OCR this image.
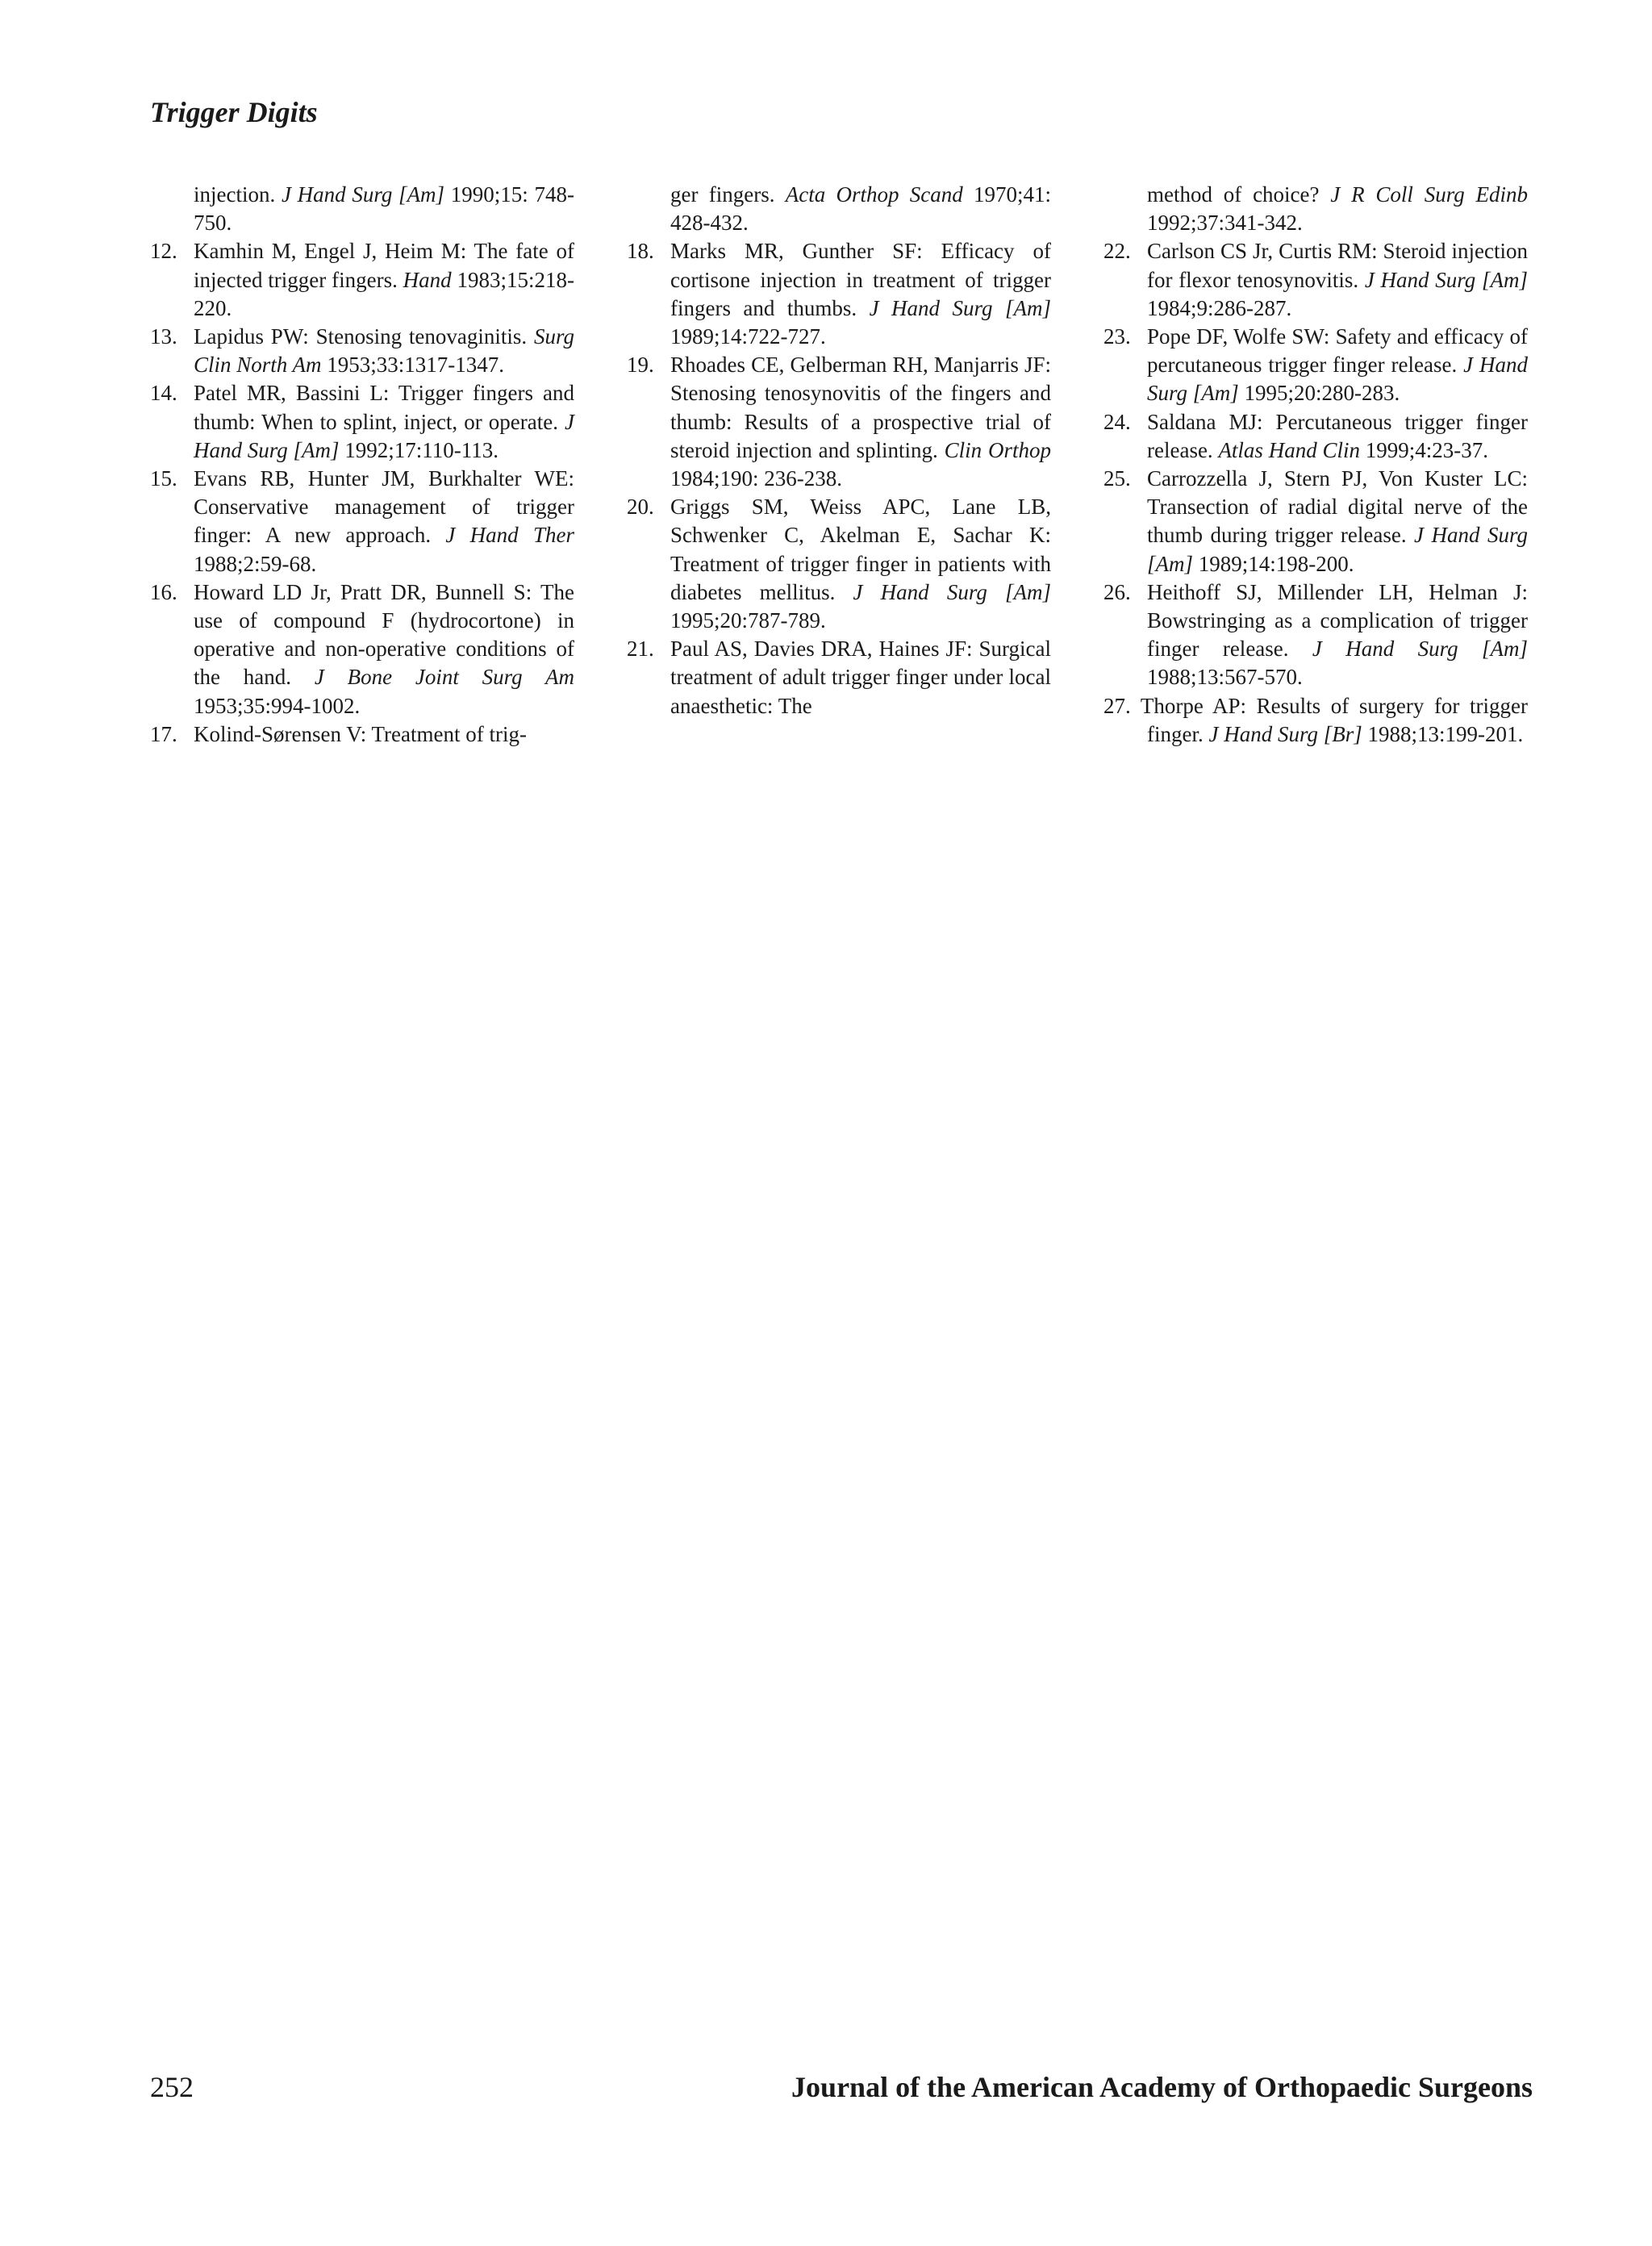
Trigger Digits
injection. J Hand Surg [Am] 1990;15: 748-750.
12. Kamhin M, Engel J, Heim M: The fate of injected trigger fingers. Hand 1983;15:218-220.
13. Lapidus PW: Stenosing tenovaginitis. Surg Clin North Am 1953;33:1317-1347.
14. Patel MR, Bassini L: Trigger fingers and thumb: When to splint, inject, or operate. J Hand Surg [Am] 1992;17:110-113.
15. Evans RB, Hunter JM, Burkhalter WE: Conservative management of trigger finger: A new approach. J Hand Ther 1988;2:59-68.
16. Howard LD Jr, Pratt DR, Bunnell S: The use of compound F (hydrocortone) in operative and non-operative conditions of the hand. J Bone Joint Surg Am 1953;35:994-1002.
17. Kolind-Sørensen V: Treatment of trig-
ger fingers. Acta Orthop Scand 1970;41: 428-432.
18. Marks MR, Gunther SF: Efficacy of cortisone injection in treatment of trigger fingers and thumbs. J Hand Surg [Am] 1989;14:722-727.
19. Rhoades CE, Gelberman RH, Manjarris JF: Stenosing tenosynovitis of the fingers and thumb: Results of a prospective trial of steroid injection and splinting. Clin Orthop 1984;190: 236-238.
20. Griggs SM, Weiss APC, Lane LB, Schwenker C, Akelman E, Sachar K: Treatment of trigger finger in patients with diabetes mellitus. J Hand Surg [Am] 1995;20:787-789.
21. Paul AS, Davies DRA, Haines JF: Surgical treatment of adult trigger finger under local anaesthetic: The
method of choice? J R Coll Surg Edinb 1992;37:341-342.
22. Carlson CS Jr, Curtis RM: Steroid injection for flexor tenosynovitis. J Hand Surg [Am] 1984;9:286-287.
23. Pope DF, Wolfe SW: Safety and efficacy of percutaneous trigger finger release. J Hand Surg [Am] 1995;20:280-283.
24. Saldana MJ: Percutaneous trigger finger release. Atlas Hand Clin 1999;4:23-37.
25. Carrozzella J, Stern PJ, Von Kuster LC: Transection of radial digital nerve of the thumb during trigger release. J Hand Surg [Am] 1989;14:198-200.
26. Heithoff SJ, Millender LH, Helman J: Bowstringing as a complication of trigger finger release. J Hand Surg [Am] 1988;13:567-570.
27. Thorpe AP: Results of surgery for trigger finger. J Hand Surg [Br] 1988;13:199-201.
252	Journal of the American Academy of Orthopaedic Surgeons
